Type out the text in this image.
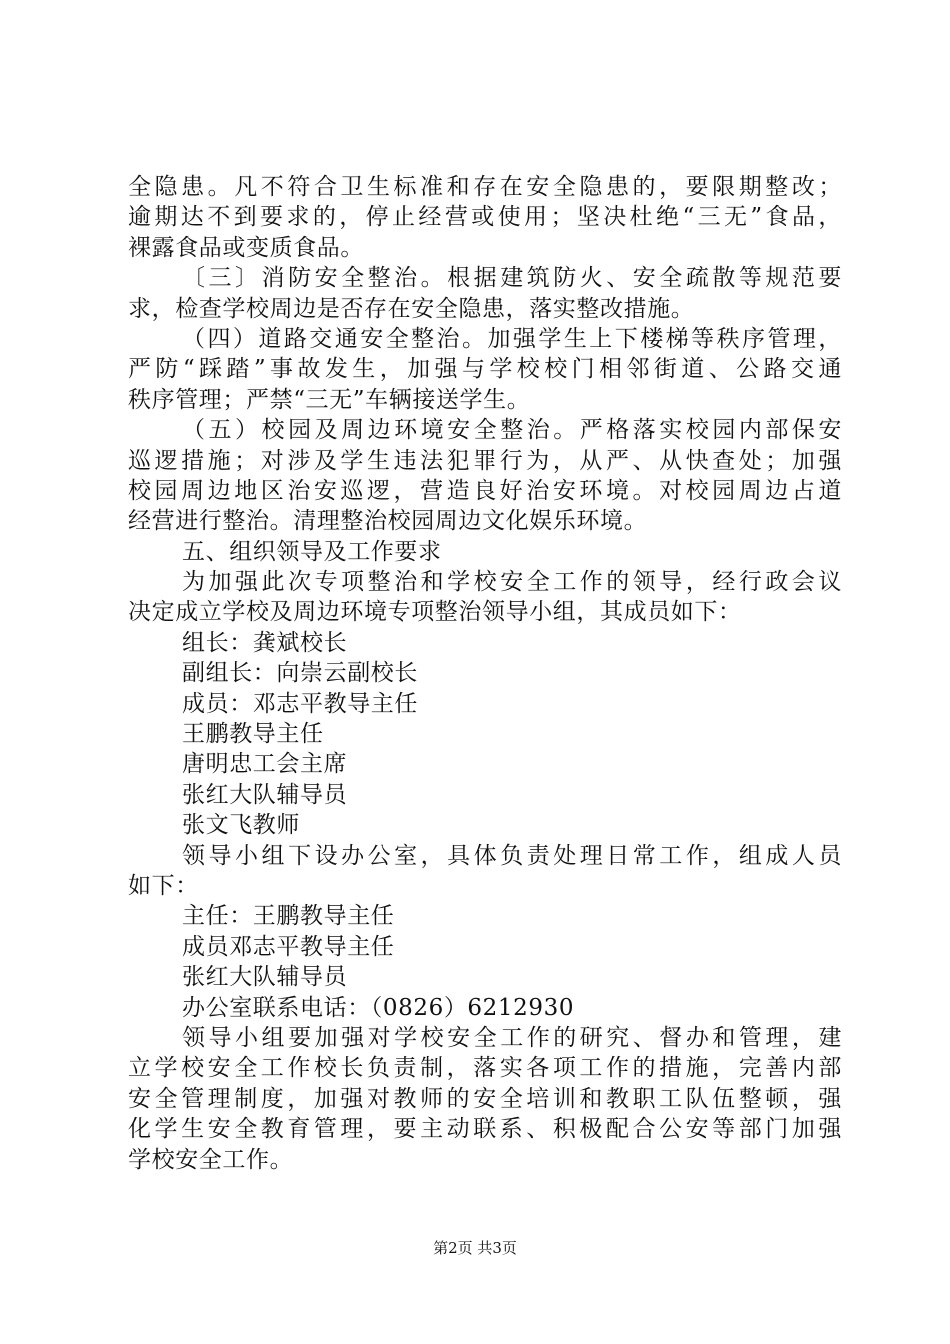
全隐患。凡不符合卫生标准和存在安全隐患的，要限期整改；
逾期达不到要求的，停止经营或使用；坚决杜绝“三无”食品，
裸露食品或变质食品。
〔三〕消防安全整治。根据建筑防火、安全疏散等规范要
求，检查学校周边是否存在安全隐患，落实整改措施。
（四）道路交通安全整治。加强学生上下楼梯等秩序管理，
严防“踩踏”事故发生，加强与学校校门相邻街道、公路交通
秩序管理；严禁“三无”车辆接送学生。
（五）校园及周边环境安全整治。严格落实校园内部保安
巡逻措施；对涉及学生违法犯罪行为，从严、从快查处；加强
校园周边地区治安巡逻，营造良好治安环境。对校园周边占道
经营进行整治。清理整治校园周边文化娱乐环境。
五、组织领导及工作要求
为加强此次专项整治和学校安全工作的领导，经行政会议
决定成立学校及周边环境专项整治领导小组，其成员如下：
组长：龚斌校长
副组长：向崇云副校长
成员：邓志平教导主任
王鹏教导主任
唐明忠工会主席
张红大队辅导员
张文飞教师
领导小组下设办公室，具体负责处理日常工作，组成人员
如下：
主任：王鹏教导主任
成员邓志平教导主任
张红大队辅导员
办公室联系电话：（0826）6212930
领导小组要加强对学校安全工作的研究、督办和管理，建
立学校安全工作校长负责制，落实各项工作的措施，完善内部
安全管理制度，加强对教师的安全培训和教职工队伍整顿，强
化学生安全教育管理，要主动联系、积极配合公安等部门加强
学校安全工作。
第2页 共3页
